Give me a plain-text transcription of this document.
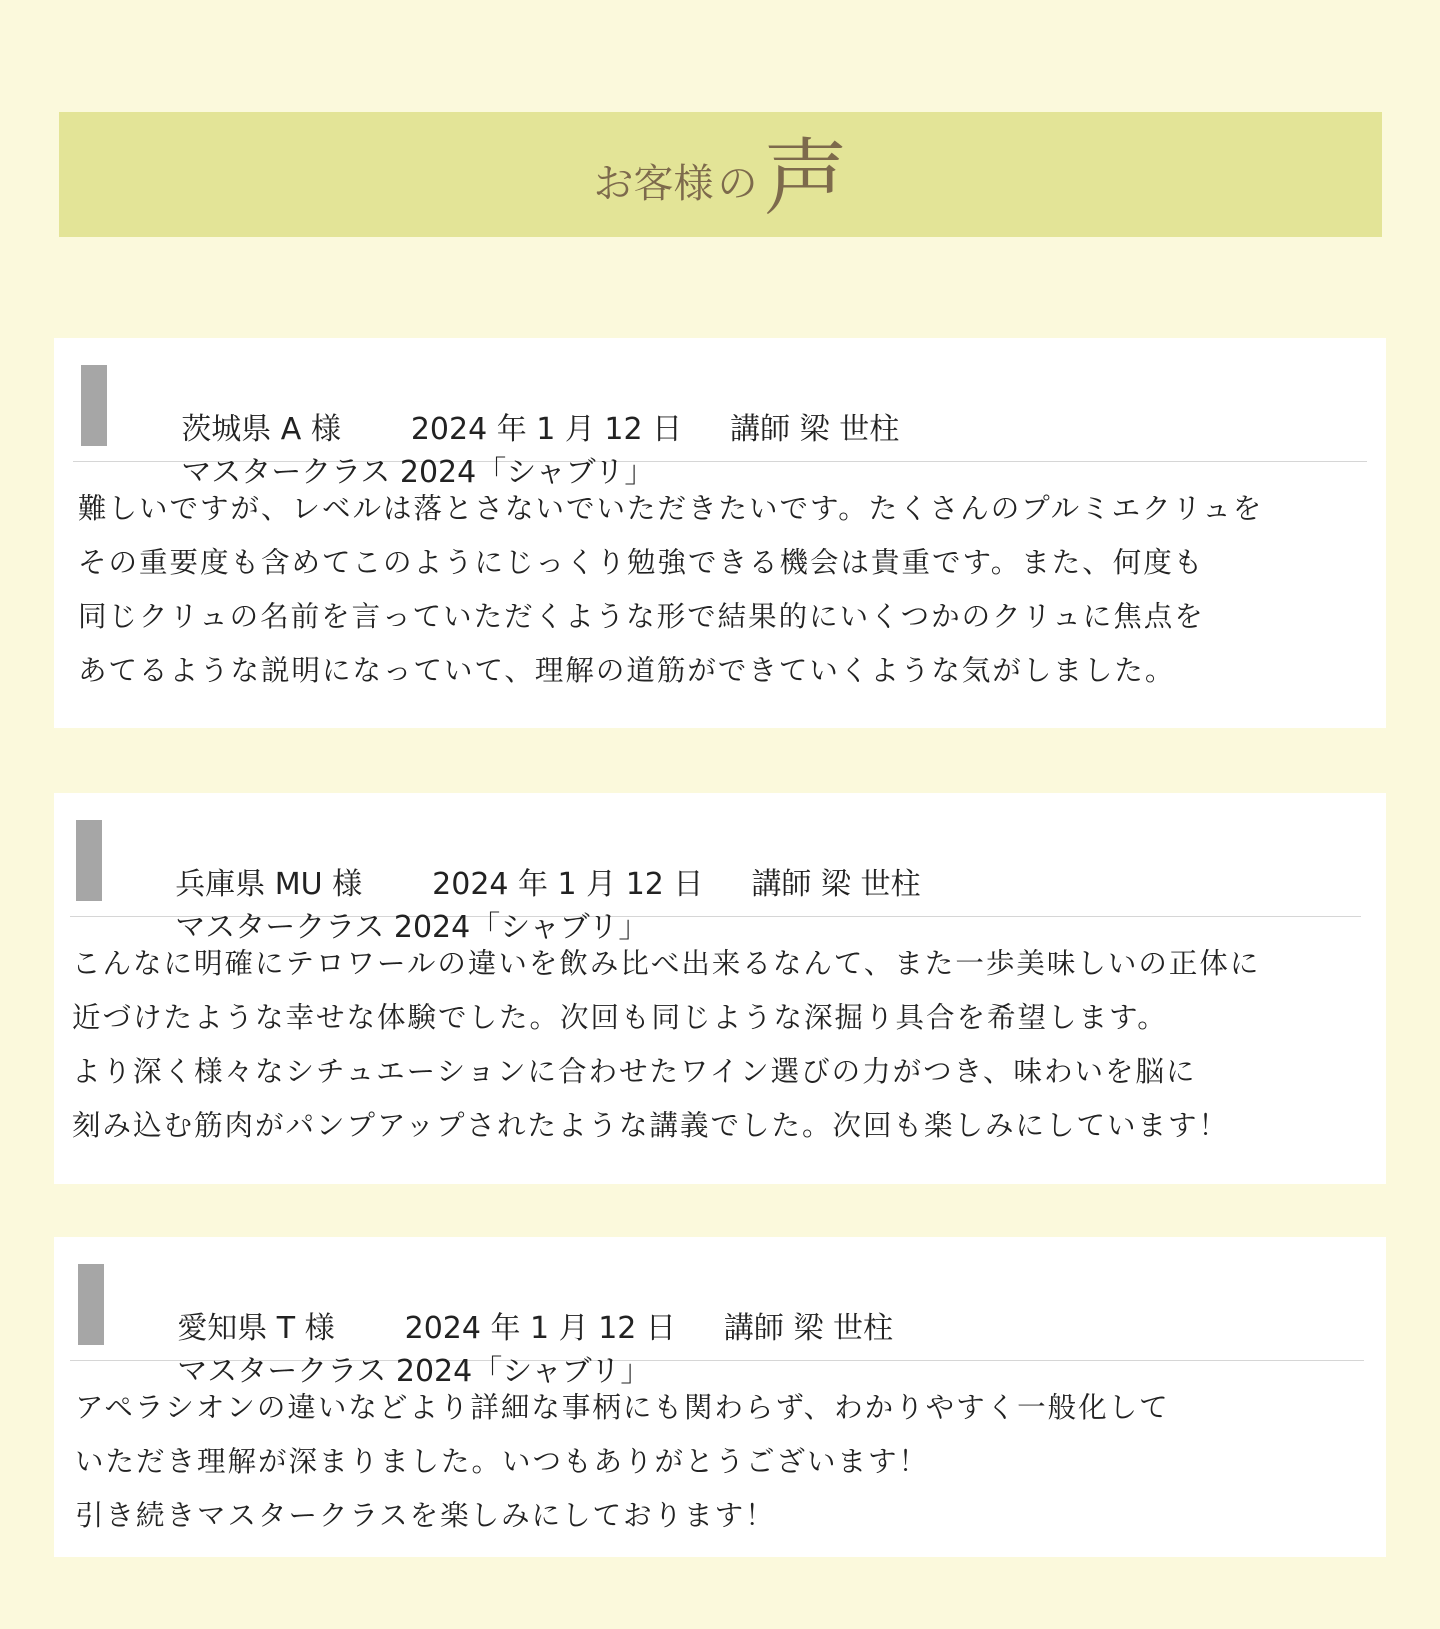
お客様 の 声

茨城県 A 様 2024 年 1 月 12 日 講師 梁 世柱

マスタークラス 2024「シャブリ」

難しいですが、レベルは落とさないでいただきたいです。たくさんのプルミエクリュを

その重要度も含めてこのようにじっくり勉強できる機会は貴重です。また、何度も

同じクリュの名前を言っていただくような形で結果的にいくつかのクリュに焦点を

あてるような説明になっていて、理解の道筋ができていくような気がしました。

兵庫県 MU 様 2024 年 1 月 12 日 講師 梁 世柱

マスタークラス 2024「シャブリ」

こんなに明確にテロワールの違いを飲み比べ出来るなんて、また一歩美味しいの正体に

近づけたような幸せな体験でした。次回も同じような深掘り具合を希望します。

より深く様々なシチュエーションに合わせたワイン選びの力がつき、味わいを脳に

刻み込む筋肉がパンプアップされたような講義でした。次回も楽しみにしています！

愛知県 T 様 2024 年 1 月 12 日 講師 梁 世柱

マスタークラス 2024「シャブリ」

アペラシオンの違いなどより詳細な事柄にも関わらず、わかりやすく一般化して

いただき理解が深まりました。いつもありがとうございます！

引き続きマスタークラスを楽しみにしております！
